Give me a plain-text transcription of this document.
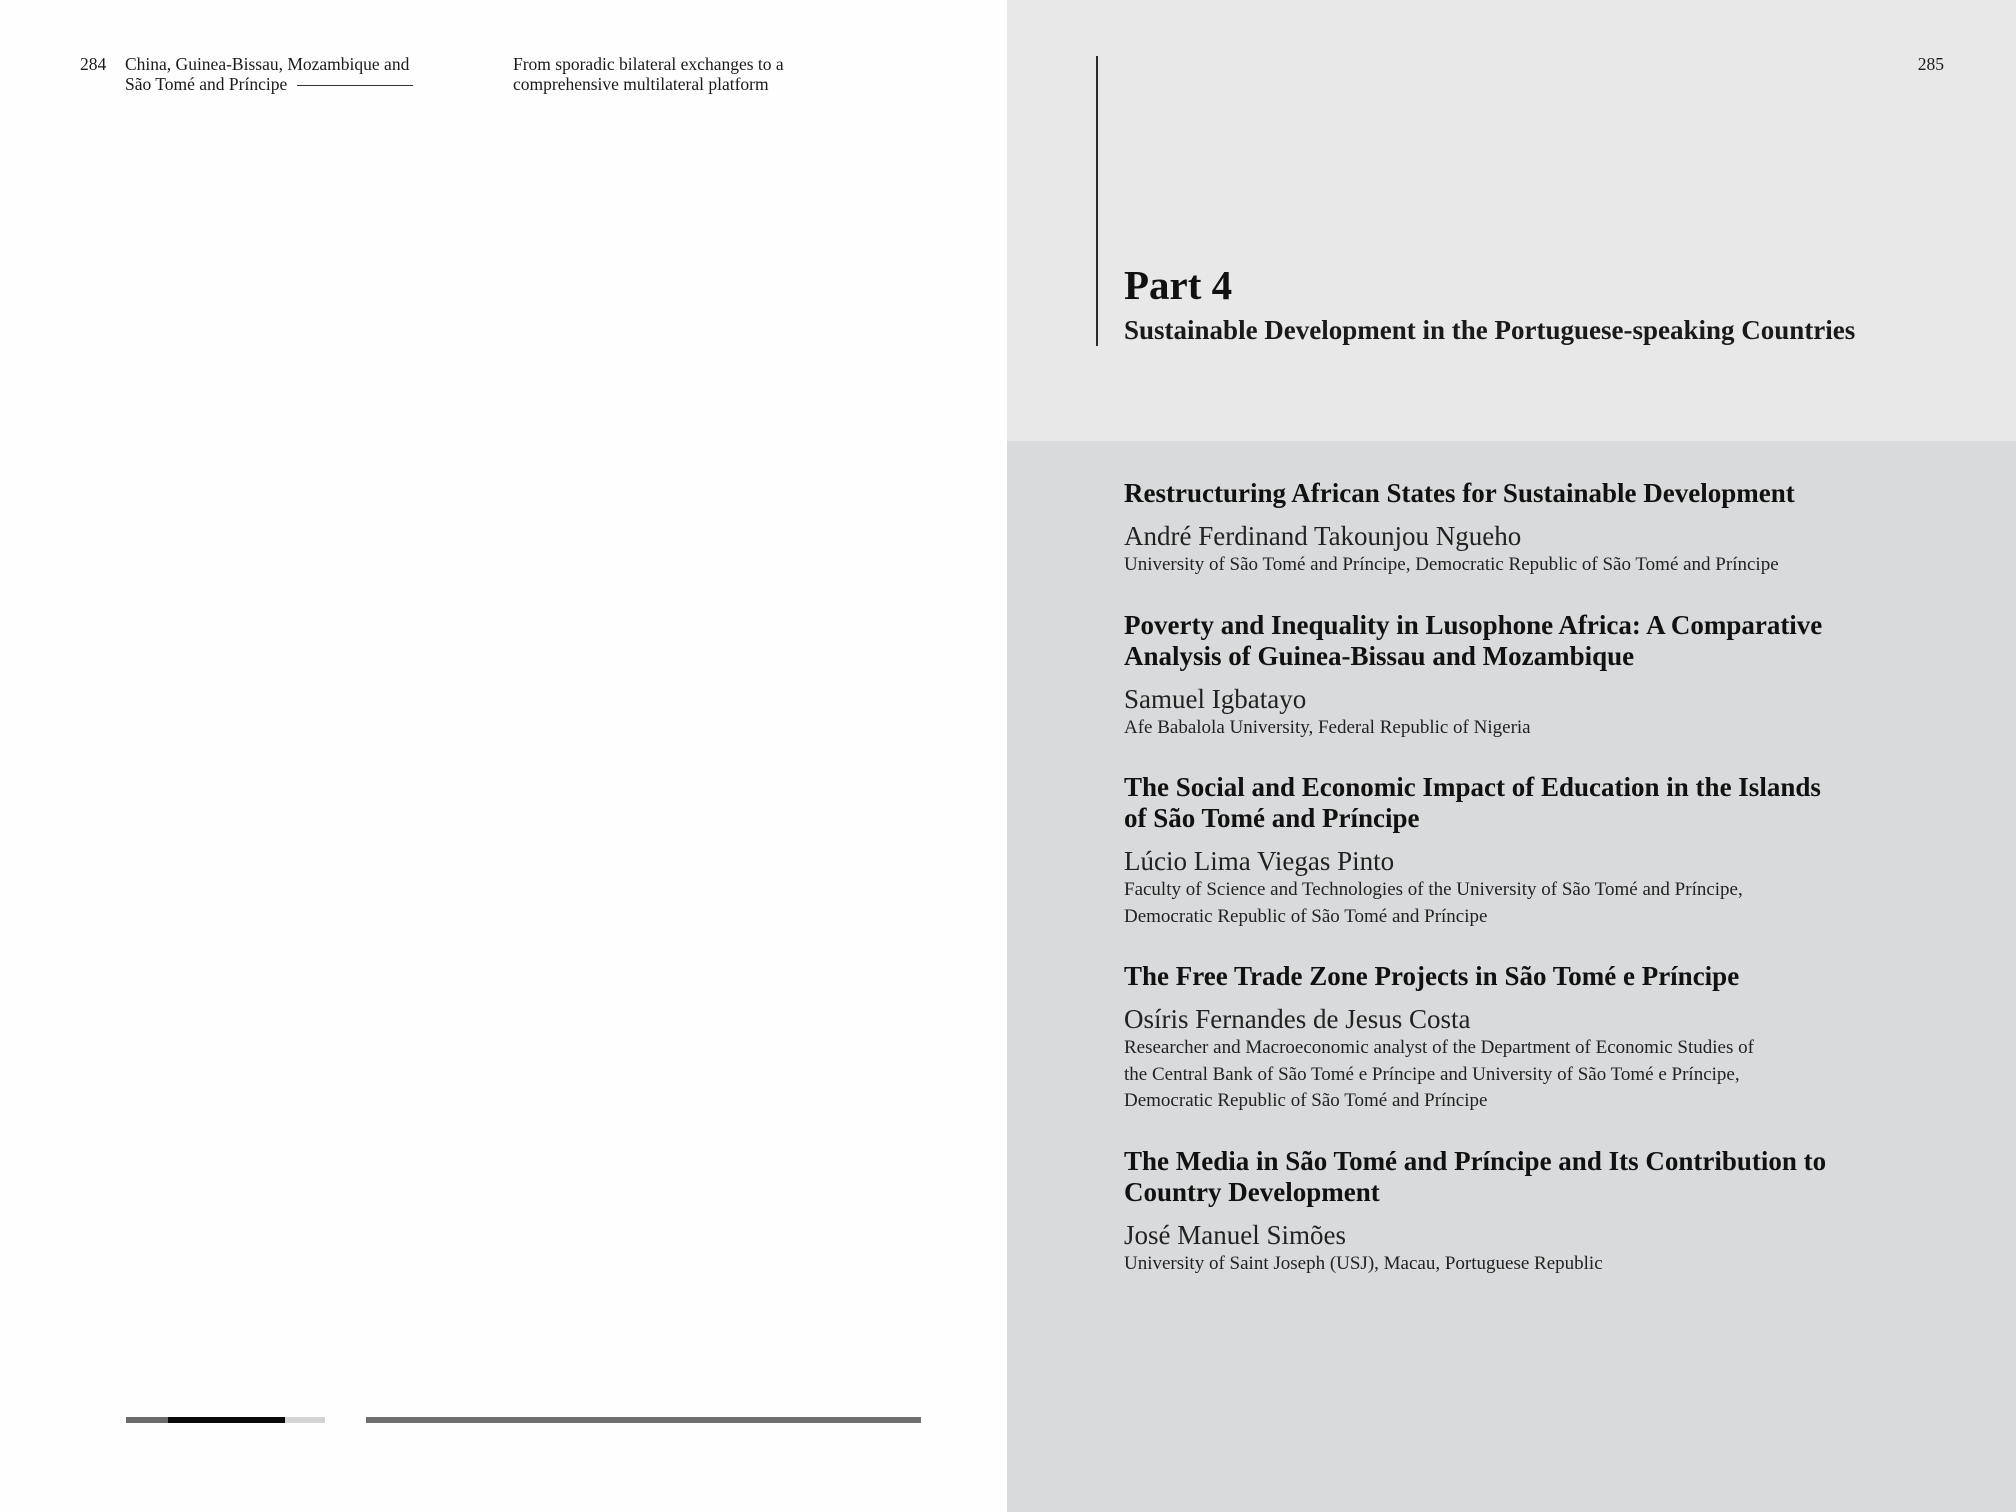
284 China, Guinea-Bissau, Mozambique and
São Tomé and Príncipe
From sporadic bilateral exchanges to a
comprehensive multilateral platform
285
Part 4
Sustainable Development in the Portuguese-speaking Countries
Restructuring African States for Sustainable Development

André Ferdinand Takounjou Ngueho

University of São Tomé and Príncipe, Democratic Republic of São Tomé and Príncipe
Poverty and Inequality in Lusophone Africa: A Comparative
Analysis of Guinea-Bissau and Mozambique

Samuel Igbatayo

Afe Babalola University, Federal Republic of Nigeria
The Social and Economic Impact of Education in the Islands
of São Tomé and Príncipe

Lúcio Lima Viegas Pinto

Faculty of Science and Technologies of the University of São Tomé and Príncipe,
Democratic Republic of São Tomé and Príncipe
The Free Trade Zone Projects in São Tomé e Príncipe

Osíris Fernandes de Jesus Costa

Researcher and Macroeconomic analyst of the Department of Economic Studies of
the Central Bank of São Tomé e Príncipe and University of São Tomé e Príncipe,
Democratic Republic of São Tomé and Príncipe
The Media in São Tomé and Príncipe and Its Contribution to
Country Development

José Manuel Simões

University of Saint Joseph (USJ), Macau, Portuguese Republic
